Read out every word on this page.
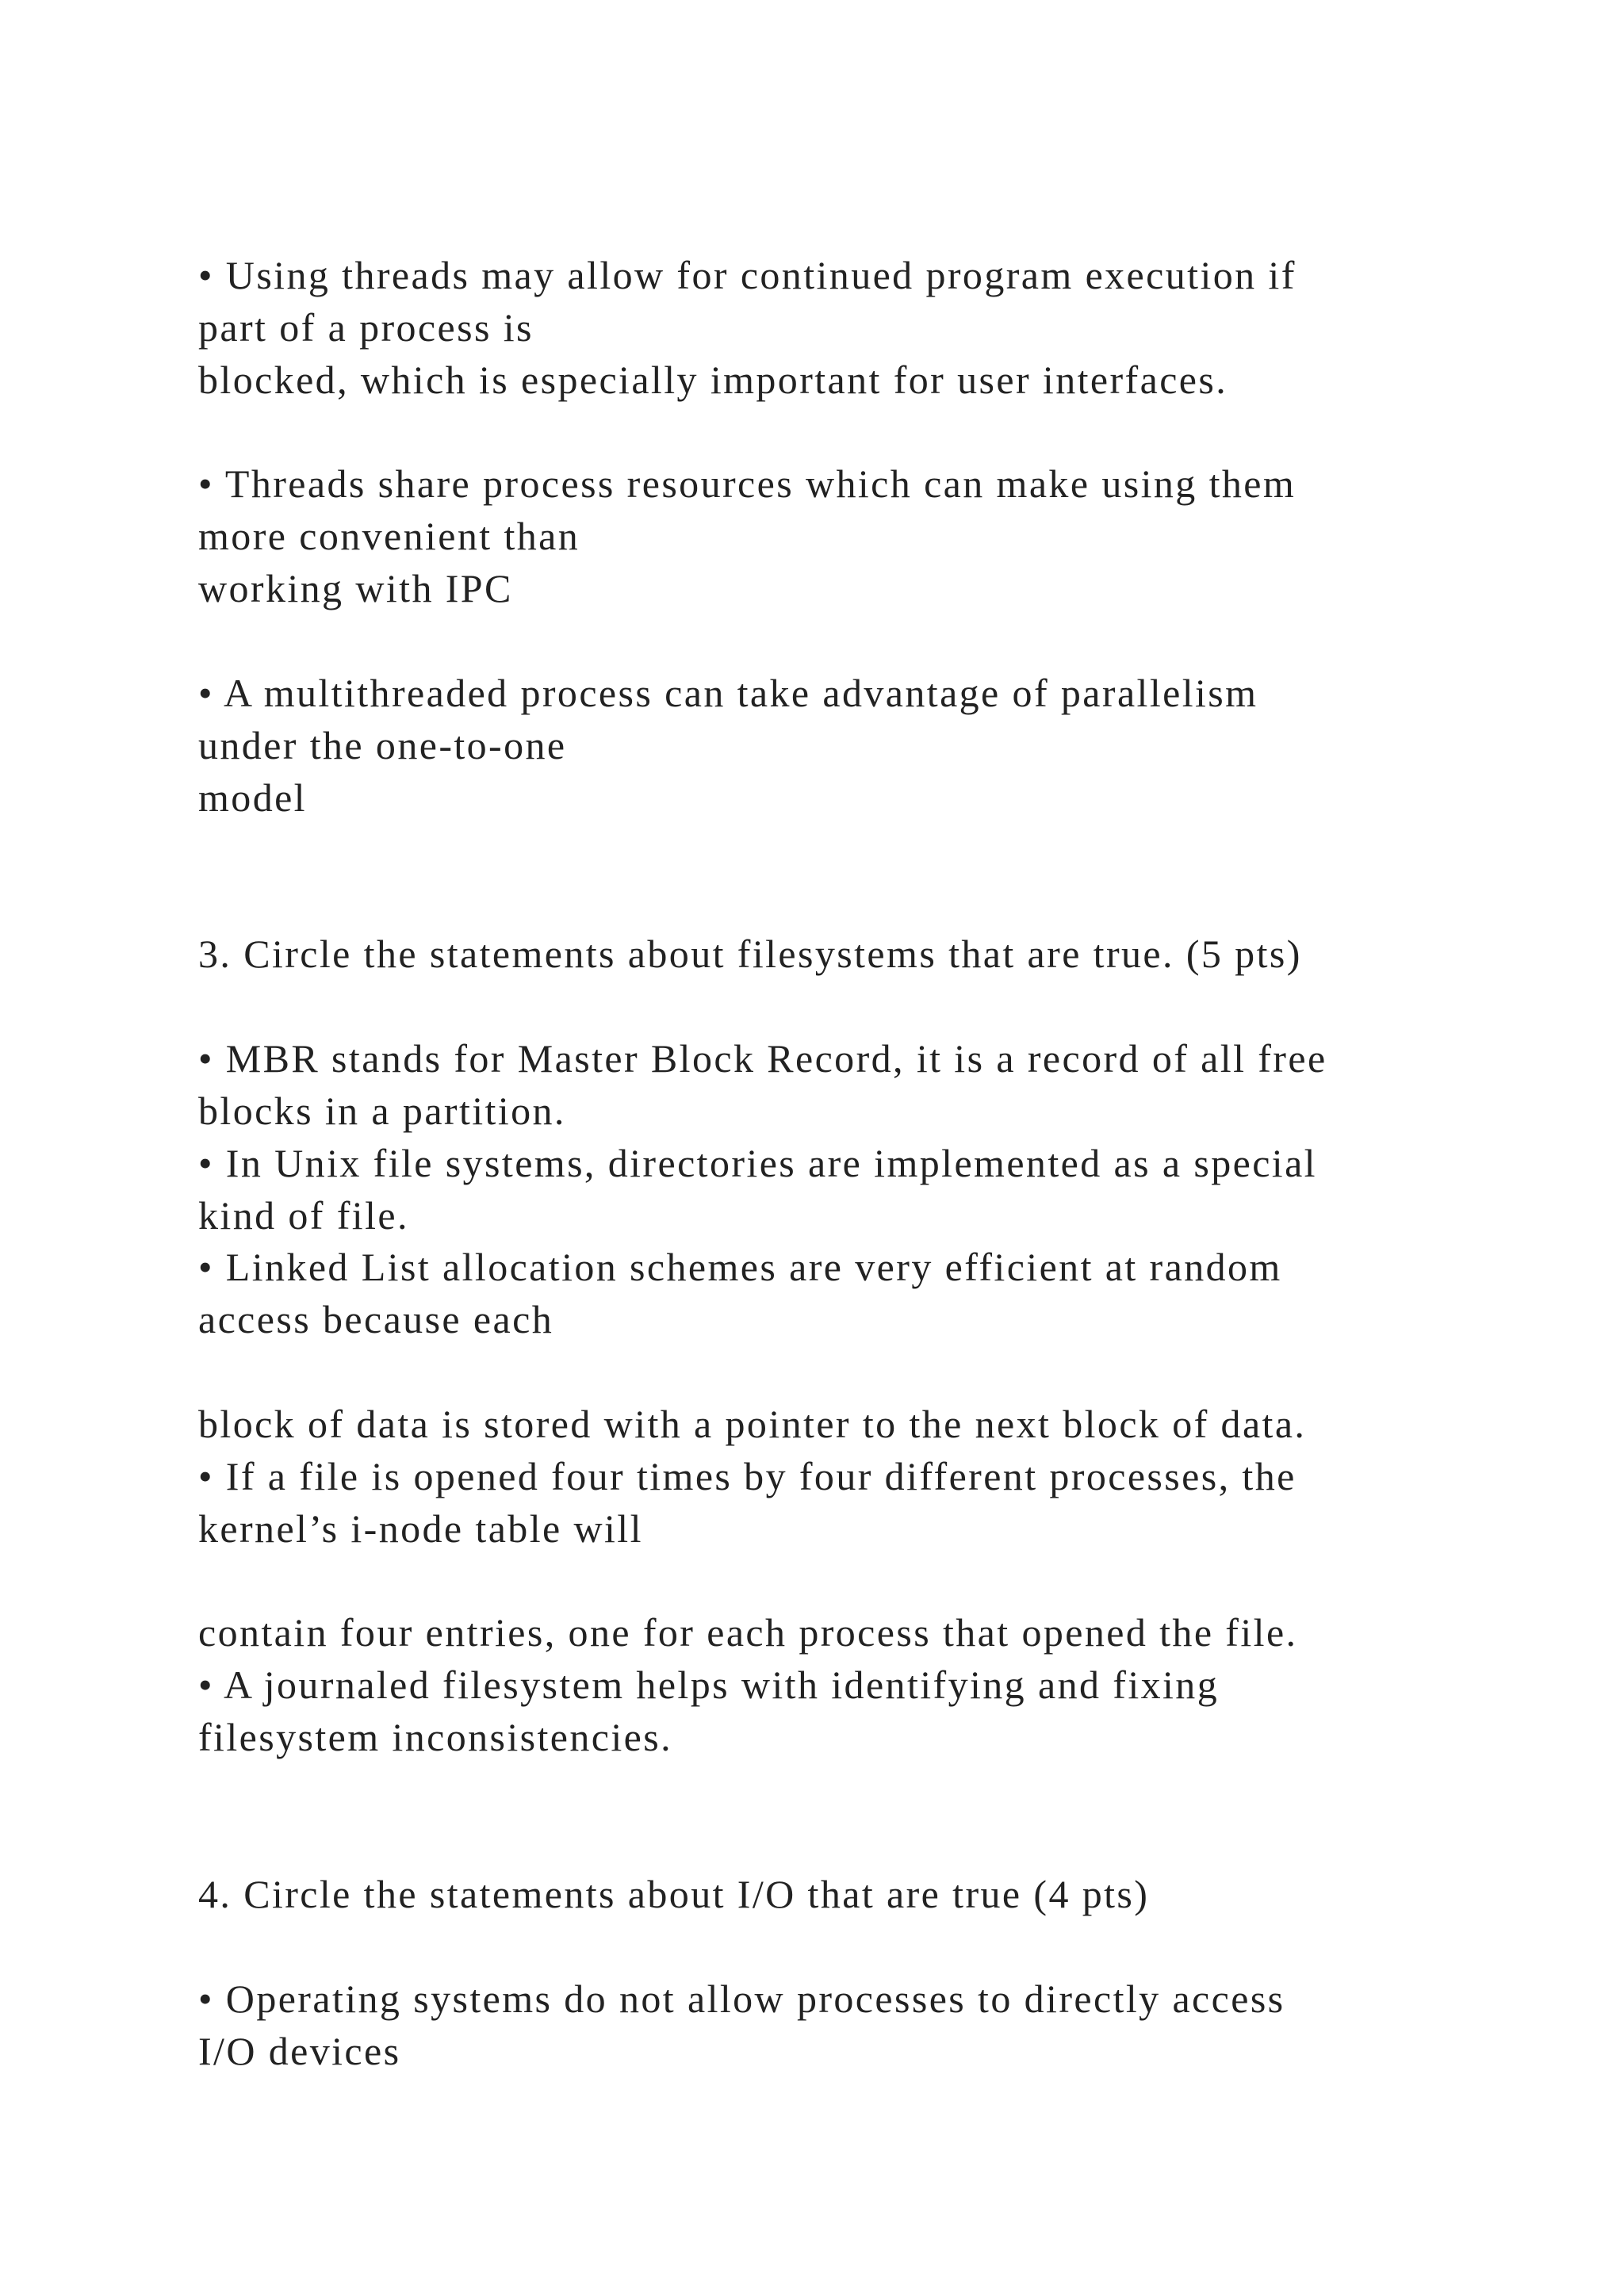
• Using threads may allow for continued program execution if

part of a process is

blocked, which is especially important for user interfaces.

• Threads share process resources which can make using them

more convenient than

working with IPC

• A multithreaded process can take advantage of parallelism

under the one-to-one

model

3. Circle the statements about filesystems that are true. (5 pts)

• MBR stands for Master Block Record, it is a record of all free

blocks in a partition.

• In Unix file systems, directories are implemented as a special

kind of file.

• Linked List allocation schemes are very efficient at random

access because each

block of data is stored with a pointer to the next block of data.

• If a file is opened four times by four different processes, the

kernel’s i-node table will

contain four entries, one for each process that opened the file.

• A journaled filesystem helps with identifying and fixing

filesystem inconsistencies.

4. Circle the statements about I/O that are true (4 pts)

• Operating systems do not allow processes to directly access

I/O devices
